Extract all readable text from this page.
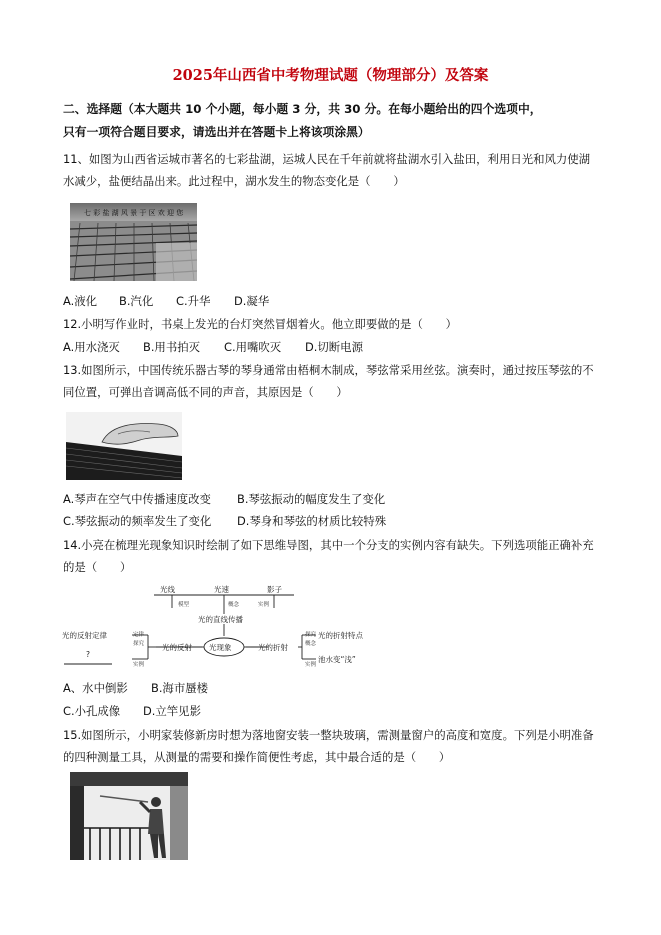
2025年山西省中考物理试题（物理部分）及答案
二、选择题（本大题共 10 个小题，每小题 3 分，共 30 分。在每小题给出的四个选项中，
只有一项符合题目要求，请选出并在答题卡上将该项涂黑）
11、如图为山西省运城市著名的七彩盐湖，运城人民在千年前就将盐湖水引入盐田，利用日光和风力使湖
水减少，盐便结晶出来。此过程中，湖水发生的物态变化是（　　）
七 彩 盐 湖 风 景 于 区 欢 迎 您
A.液化 B.汽化 C.升华 D.凝华
12.小明写作业时，书桌上发光的台灯突然冒烟着火。他立即要做的是（　　）
A.用水浇灭 B.用书拍灭 C.用嘴吹灭 D.切断电源
13.如图所示，中国传统乐器古琴的琴身通常由梧桐木制成，琴弦常采用丝弦。演奏时，通过按压琴弦的不
同位置，可弹出音调高低不同的声音，其原因是（　　）
A.琴声在空气中传播速度改变 B.琴弦振动的幅度发生了变化
C.琴弦振动的频率发生了变化 D.琴身和琴弦的材质比较特殊
14.小亮在梳理光现象知识时绘制了如下思维导图，其中一个分支的实例内容有缺失。下列选项能正确补充
的是（　　）
光线	光速	影子
模型	概念	实例
光的直线传播
光现象
光的反射	光的折射
光的反射定律
?
光的折射特点
池水变“浅”
定律
探究
实例
探究
概念
实例
A、水中倒影 B.海市蜃楼
C.小孔成像 D.立竿见影
15.如图所示，小明家装修新房时想为落地窗安装一整块玻璃，需测量窗户的高度和宽度。下列是小明准备
的四种测量工具，从测量的需要和操作简便性考虑，其中最合适的是（　　）
